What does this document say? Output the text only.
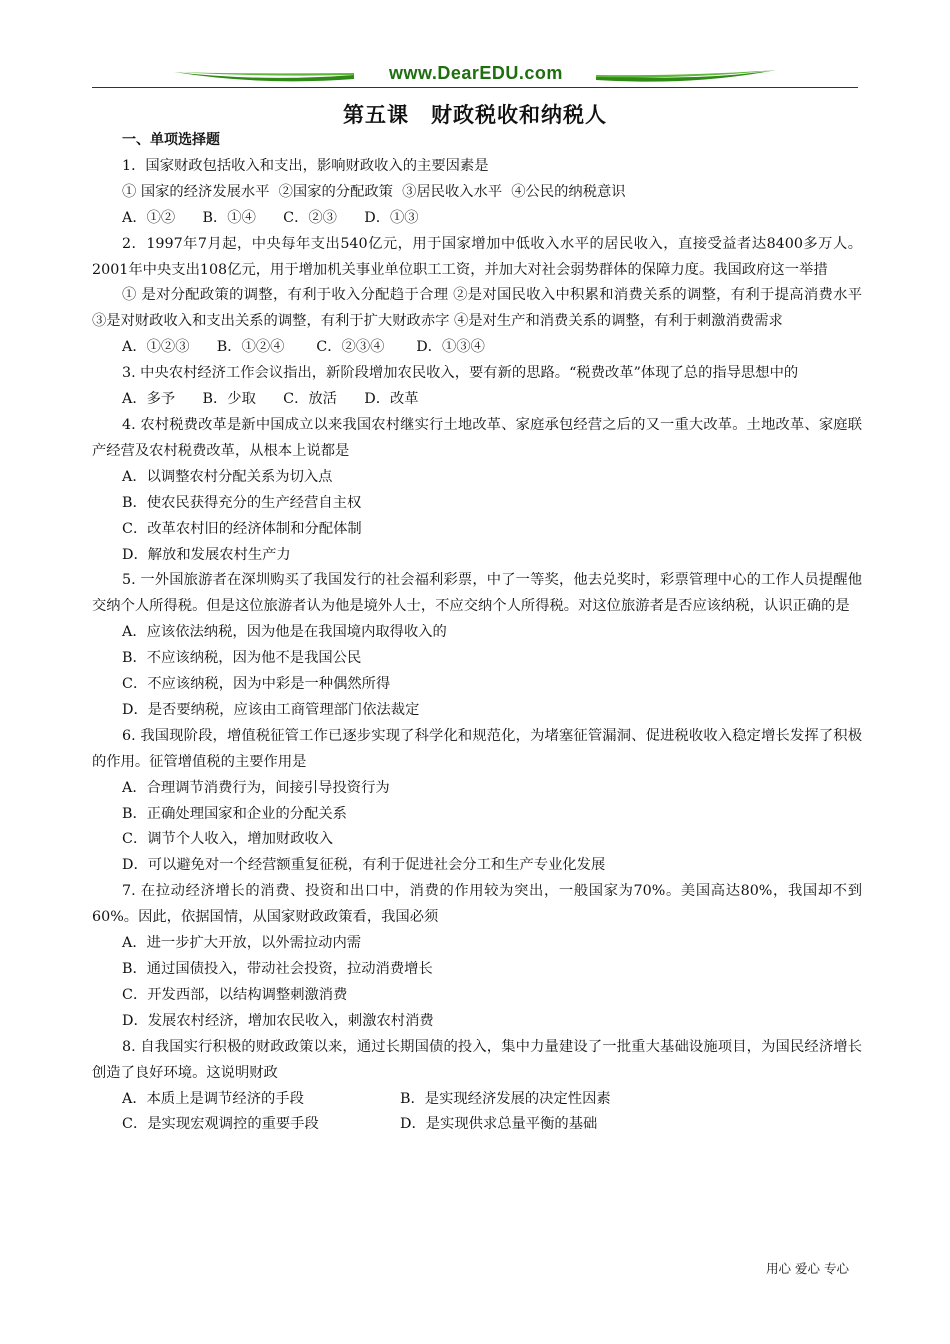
www.DearEDU.com
第五课　财政税收和纳税人
一、单项选择题

1．国家财政包括收入和支出，影响财政收入的主要因素是

① 国家的经济发展水平  ②国家的分配政策  ③居民收入水平  ④公民的纳税意识

A．①②      B．①④      C．②③      D．①③

2．1997年7月起，中央每年支出540亿元，用于国家增加中低收入水平的居民收入，直接受益者达8400多万人。2001年中央支出108亿元，用于增加机关事业单位职工工资，并加大对社会弱势群体的保障力度。我国政府这一举措

① 是对分配政策的调整，有利于收入分配趋于合理 ②是对国民收入中积累和消费关系的调整，有利于提高消费水平 ③是对财政收入和支出关系的调整，有利于扩大财政赤字 ④是对生产和消费关系的调整，有利于刺激消费需求

A．①②③      B．①②④       C．②③④       D．①③④

3. 中央农村经济工作会议指出，新阶段增加农民收入，要有新的思路。“税费改革”体现了总的指导思想中的

A．多予      B．少取      C．放活      D．改革

4. 农村税费改革是新中国成立以来我国农村继实行土地改革、家庭承包经营之后的又一重大改革。土地改革、家庭联产经营及农村税费改革，从根本上说都是

A．以调整农村分配关系为切入点

B．使农民获得充分的生产经营自主权

C．改革农村旧的经济体制和分配体制

D．解放和发展农村生产力

5. 一外国旅游者在深圳购买了我国发行的社会福利彩票，中了一等奖，他去兑奖时，彩票管理中心的工作人员提醒他交纳个人所得税。但是这位旅游者认为他是境外人士，不应交纳个人所得税。对这位旅游者是否应该纳税，认识正确的是

A．应该依法纳税，因为他是在我国境内取得收入的

B．不应该纳税，因为他不是我国公民

C．不应该纳税，因为中彩是一种偶然所得

D．是否要纳税，应该由工商管理部门依法裁定

6. 我国现阶段，增值税征管工作已逐步实现了科学化和规范化，为堵塞征管漏洞、促进税收收入稳定增长发挥了积极的作用。征管增值税的主要作用是

A．合理调节消费行为，间接引导投资行为

B．正确处理国家和企业的分配关系

C．调节个人收入，增加财政收入

D．可以避免对一个经营额重复征税，有利于促进社会分工和生产专业化发展

7. 在拉动经济增长的消费、投资和出口中，消费的作用较为突出，一般国家为70%。美国高达80%，我国却不到60%。因此，依据国情，从国家财政政策看，我国必须

A．进一步扩大开放，以外需拉动内需

B．通过国债投入，带动社会投资，拉动消费增长

C．开发西部，以结构调整刺激消费

D．发展农村经济，增加农民收入，刺激农村消费

8. 自我国实行积极的财政政策以来，通过长期国债的投入，集中力量建设了一批重大基础设施项目，为国民经济增长创造了良好环境。这说明财政

A．本质上是调节经济的手段	B．是实现经济发展的决定性因素
C．是实现宏观调控的重要手段	D．是实现供求总量平衡的基础
用心 爱心 专心
